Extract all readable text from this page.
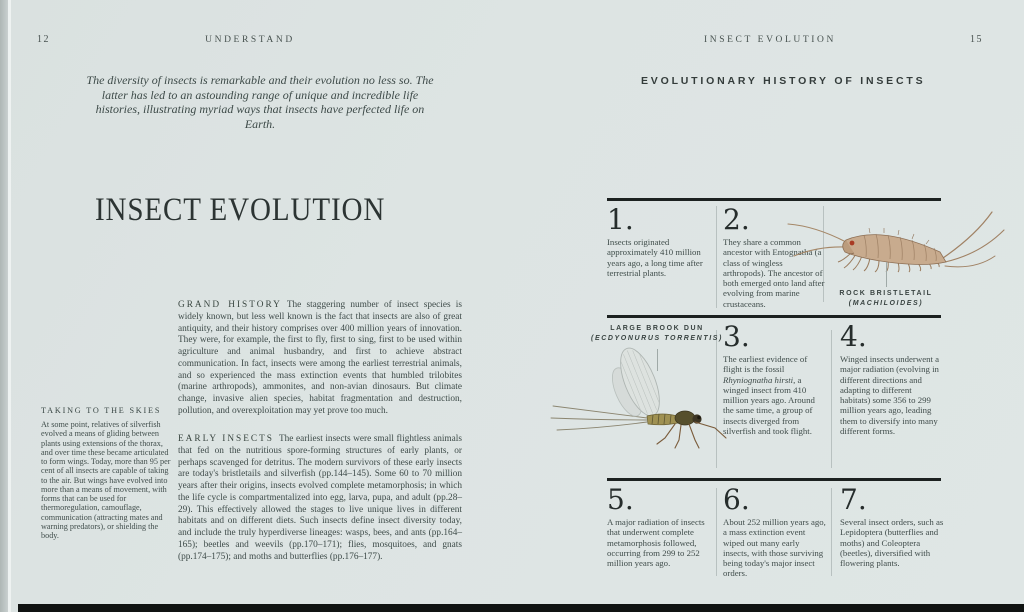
12	UNDERSTAND
The diversity of insects is remarkable and their evolution no less so. The latter has led to an astounding range of unique and incredible life histories, illustrating myriad ways that insects have perfected life on Earth.
INSECT EVOLUTION

GRAND HISTORY The staggering number of insect species is widely known, but less well known is the fact that insects are also of great antiquity, and their history comprises over 400 million years of innovation. They were, for example, the first to fly, first to sing, first to be used within agriculture and animal husbandry, and first to achieve abstract communication. In fact, insects were among the earliest terrestrial animals, and so experienced the mass extinction events that humbled trilobites (marine arthropods), ammonites, and non-avian dinosaurs. But climate change, invasive alien species, habitat fragmentation and destruction, pollution, and overexploitation may yet prove too much.

EARLY INSECTS The earliest insects were small flightless animals that fed on the nutritious spore-forming structures of early plants, or perhaps scavenged for detritus. The modern survivors of these early insects are today's bristletails and silverfish (pp.144–145). Some 60 to 70 million years after their origins, insects evolved complete metamorphosis; in which the life cycle is compartmentalized into egg, larva, pupa, and adult (pp.28–29). This effectively allowed the stages to live unique lives in different habitats and on different diets. Such insects define insect diversity today, and include the truly hyperdiverse lineages: wasps, bees, and ants (pp.164–165); beetles and weevils (pp.170–171); flies, mosquitoes, and gnats (pp.174–175); and moths and butterflies (pp.176–177).

TAKING TO THE SKIES

At some point, relatives of silverfish evolved a means of gliding between plants using extensions of the thorax, and over time these became articulated to form wings. Today, more than 95 per cent of all insects are capable of taking to the air. But wings have evolved into more than a means of movement, with forms that can be used for thermoregulation, camouflage, communication (attracting mates and warning predators), or shielding the body.

INSECT EVOLUTION	15
EVOLUTIONARY HISTORY OF INSECTS
1.
Insects originated approximately 410 million years ago, a long time after terrestrial plants.
2.
They share a common ancestor with Entognatha (a class of wingless arthropods). The ancestor of both emerged onto land after evolving from marine crustaceans.
ROCK BRISTLETAIL
(MACHILOIDES)
LARGE BROOK DUN
(ECDYONURUS TORRENTIS) 3.
The earliest evidence of flight is the fossil Rhyniognatha hirsti, a winged insect from 410 million years ago. Around the same time, a group of insects diverged from silverfish and took flight.
4.
Winged insects underwent a major radiation (evolving in different directions and adapting to different habitats) some 356 to 299 million years ago, leading them to diversify into many different forms.
5.
A major radiation of insects that underwent complete metamorphosis followed, occurring from 299 to 252 million years ago.
6.
About 252 million years ago, a mass extinction event wiped out many early insects, with those surviving being today's major insect orders.
7.
Several insect orders, such as Lepidoptera (butterflies and moths) and Coleoptera (beetles), diversified with flowering plants.
